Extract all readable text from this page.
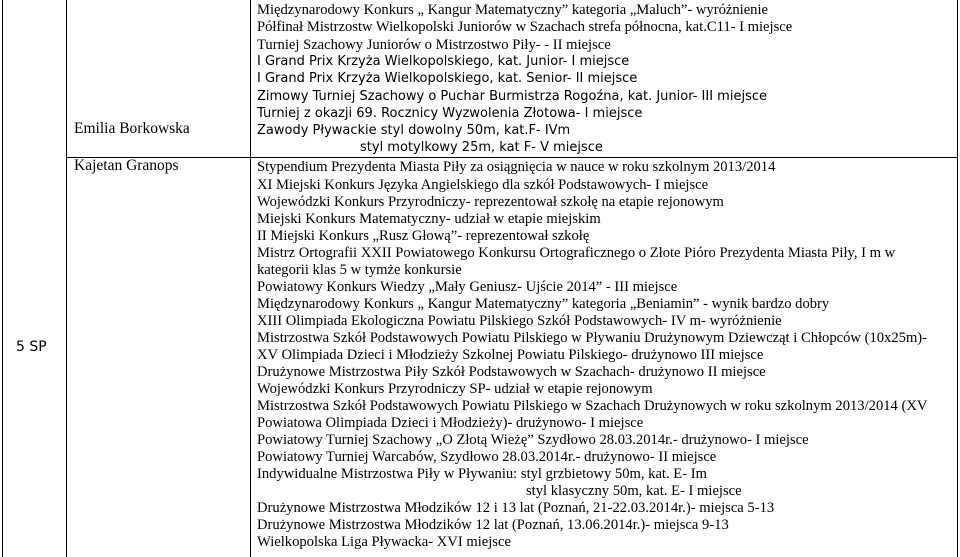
5 SP
Emilia Borkowska
Międzynarodowy Konkurs „ Kangur Matematyczny” kategoria „Maluch”- wyróżnienie
Półfinał Mistrzostw Wielkopolski Juniorów w Szachach strefa północna, kat.C11- I miejsce
Turniej Szachowy Juniorów o Mistrzostwo Piły- - II miejsce
I Grand Prix Krzyża Wielkopolskiego, kat. Junior- I miejsce
I Grand Prix Krzyża Wielkopolskiego, kat. Senior- II miejsce
Zimowy Turniej Szachowy o Puchar Burmistrza Rogoźna, kat. Junior- III miejsce
Turniej z okazji 69. Rocznicy Wyzwolenia Złotowa- I miejsce
Zawody Pływackie styl dowolny 50m, kat.F- IVm
styl motylkowy 25m, kat F- V miejsce
Kajetan Granops	Stypendium Prezydenta Miasta Piły za osiągnięcia w nauce w roku szkolnym 2013/2014
XI Miejski Konkurs Języka Angielskiego dla szkół Podstawowych- I miejsce
Wojewódzki Konkurs Przyrodniczy- reprezentował szkołę na etapie rejonowym
Miejski Konkurs Matematyczny- udział w etapie miejskim
II Miejski Konkurs „Rusz Głową”- reprezentował szkołę
Mistrz Ortografii XXII Powiatowego Konkursu Ortograficznego o Złote Pióro Prezydenta Miasta Piły, I m w
kategorii klas 5 w tymże konkursie
Powiatowy Konkurs Wiedzy „Mały Geniusz- Ujście 2014” - III miejsce
Międzynarodowy Konkurs „ Kangur Matematyczny” kategoria „Beniamin” - wynik bardzo dobry
XIII Olimpiada Ekologiczna Powiatu Pilskiego Szkół Podstawowych- IV m- wyróżnienie
Mistrzostwa Szkół Podstawowych Powiatu Pilskiego w Pływaniu Drużynowym Dziewcząt i Chłopców (10x25m)-
XV Olimpiada Dzieci i Młodzieży Szkolnej Powiatu Pilskiego- drużynowo III miejsce
Drużynowe Mistrzostwa Piły Szkół Podstawowych w Szachach- drużynowo II miejsce
Wojewódzki Konkurs Przyrodniczy SP- udział w etapie rejonowym
Mistrzostwa Szkół Podstawowych Powiatu Pilskiego w Szachach Drużynowych w roku szkolnym 2013/2014 (XV
Powiatowa Olimpiada Dzieci i Młodzieży)- drużynowo- I miejsce
Powiatowy Turniej Szachowy „O Złotą Wieżę” Szydłowo 28.03.2014r.- drużynowo- I miejsce
Powiatowy Turniej Warcabów, Szydłowo 28.03.2014r.- drużynowo- II miejsce
Indywidualne Mistrzostwa Piły w Pływaniu: styl grzbietowy 50m, kat. E- Im
styl klasyczny 50m, kat. E- I miejsce
Drużynowe Mistrzostwa Młodzików 12 i 13 lat (Poznań, 21-22.03.2014r.)- miejsca 5-13
Drużynowe Mistrzostwa Młodzików 12 lat (Poznań, 13.06.2014r.)- miejsca 9-13
Wielkopolska Liga Pływacka- XVI miejsce
